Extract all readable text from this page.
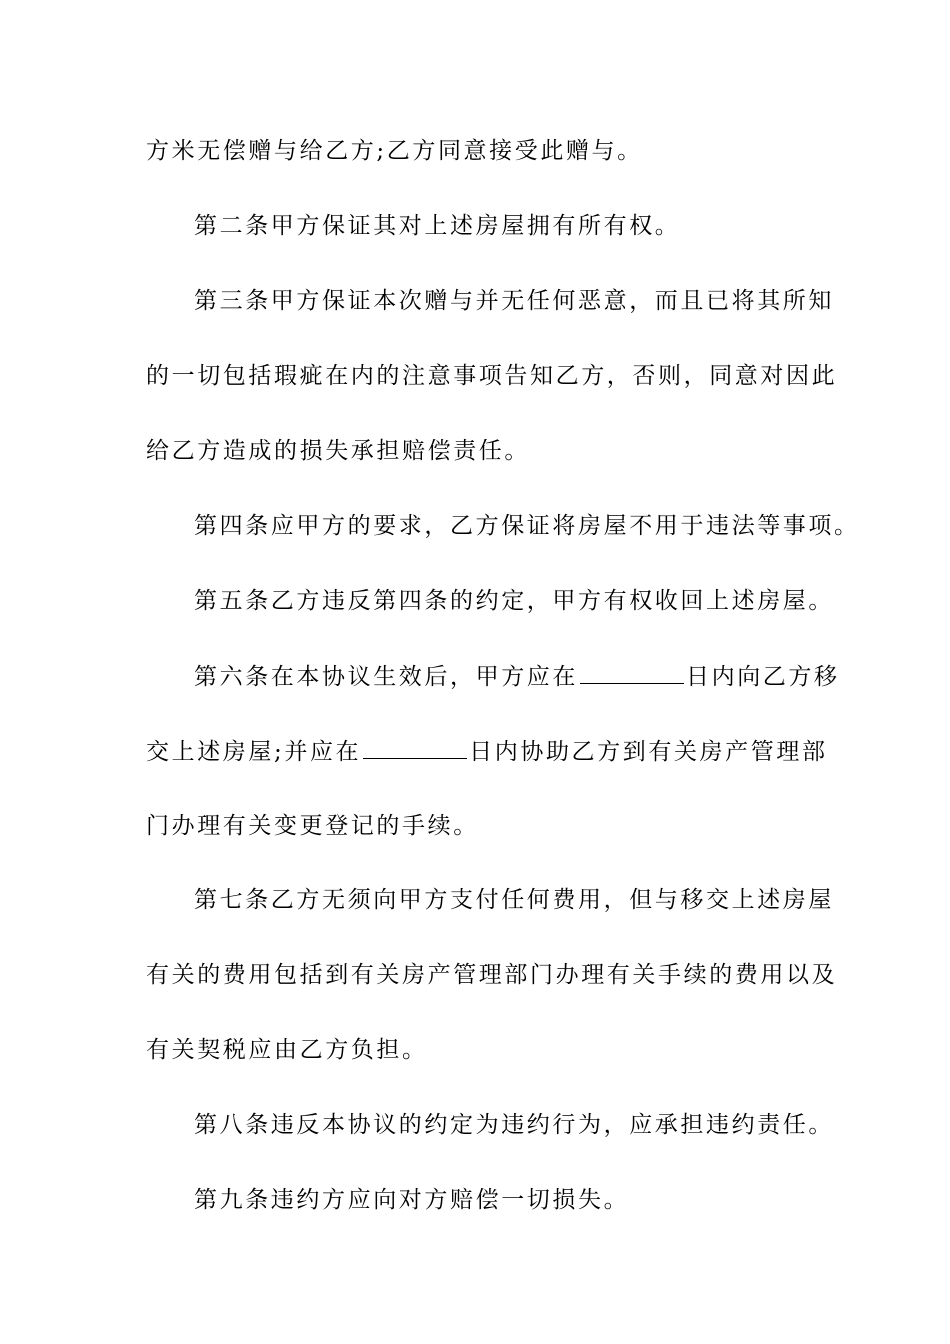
方米无偿赠与给乙方;乙方同意接受此赠与。
第二条甲方保证其对上述房屋拥有所有权。
第三条甲方保证本次赠与并无任何恶意，而且已将其所知
的一切包括瑕疵在内的注意事项告知乙方，否则，同意对因此
给乙方造成的损失承担赔偿责任。
第四条应甲方的要求，乙方保证将房屋不用于违法等事项。
第五条乙方违反第四条的约定，甲方有权收回上述房屋。
第六条在本协议生效后，甲方应在	日内向乙方移
交上述房屋;并应在	日内协助乙方到有关房产管理部
门办理有关变更登记的手续。
第七条乙方无须向甲方支付任何费用，但与移交上述房屋
有关的费用包括到有关房产管理部门办理有关手续的费用以及
有关契税应由乙方负担。
第八条违反本协议的约定为违约行为，应承担违约责任。
第九条违约方应向对方赔偿一切损失。
